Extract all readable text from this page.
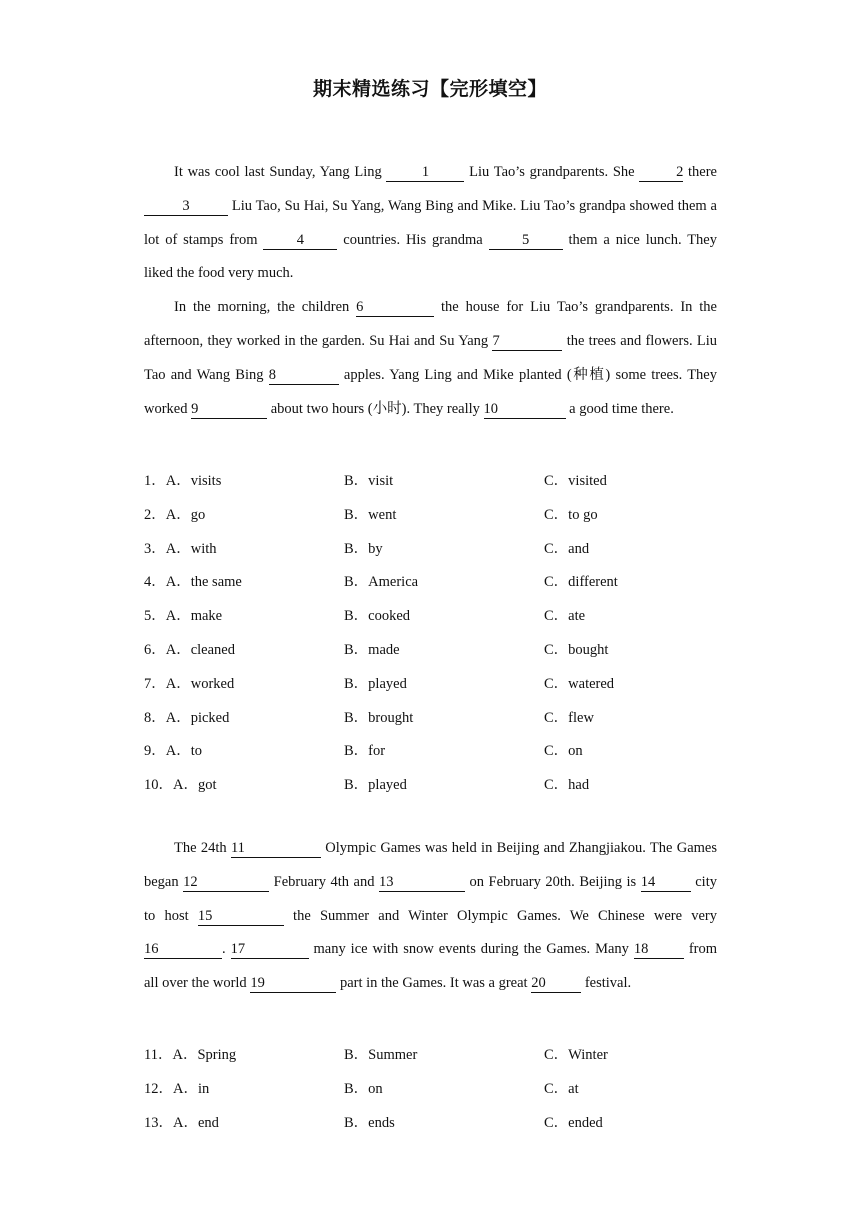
期末精选练习【完形填空】

It was cool last Sunday, Yang Ling 1 Liu Tao’s grandparents. She	2 there 3	Liu Tao, Su Hai, Su Yang, Wang Bing and Mike. Liu Tao’s grandpa showed them a lot of stamps from 4 countries. His grandma 5 them a nice lunch. They liked the food very much.

In the morning, the children 6	the house for Liu Tao’s grandparents. In the afternoon, they worked in the garden. Su Hai and Su Yang 7	the trees and flowers. Liu Tao and Wang Bing 8	apples. Yang Ling and Mike planted (种植) some trees. They worked 9	about two hours (小时). They really 10	a good time there.

1．A．visits	B．visit	C．visited
2．A．go	B．went	C．to go
3．A．with	B．by	C．and
4．A．the same	B．America	C．different
5．A．make	B．cooked	C．ate
6．A．cleaned	B．made	C．bought
7．A．worked	B．played	C．watered
8．A．picked	B．brought	C．flew
9．A．to	B．for	C．on
10．A．got	B．played	C．had

The 24th 11	Olympic Games was held in Beijing and Zhangjiakou. The Games began 12	February 4th and 13	on February 20th. Beijing is 14 city to host 15	the Summer and Winter Olympic Games. We Chinese were very 16	. 17	many ice with snow events during the Games. Many 18 from all over the world 19	part in the Games. It was a great 20 festival.

11．A．Spring	B．Summer	C．Winter
12．A．in	B．on	C．at
13．A．end	B．ends	C．ended
